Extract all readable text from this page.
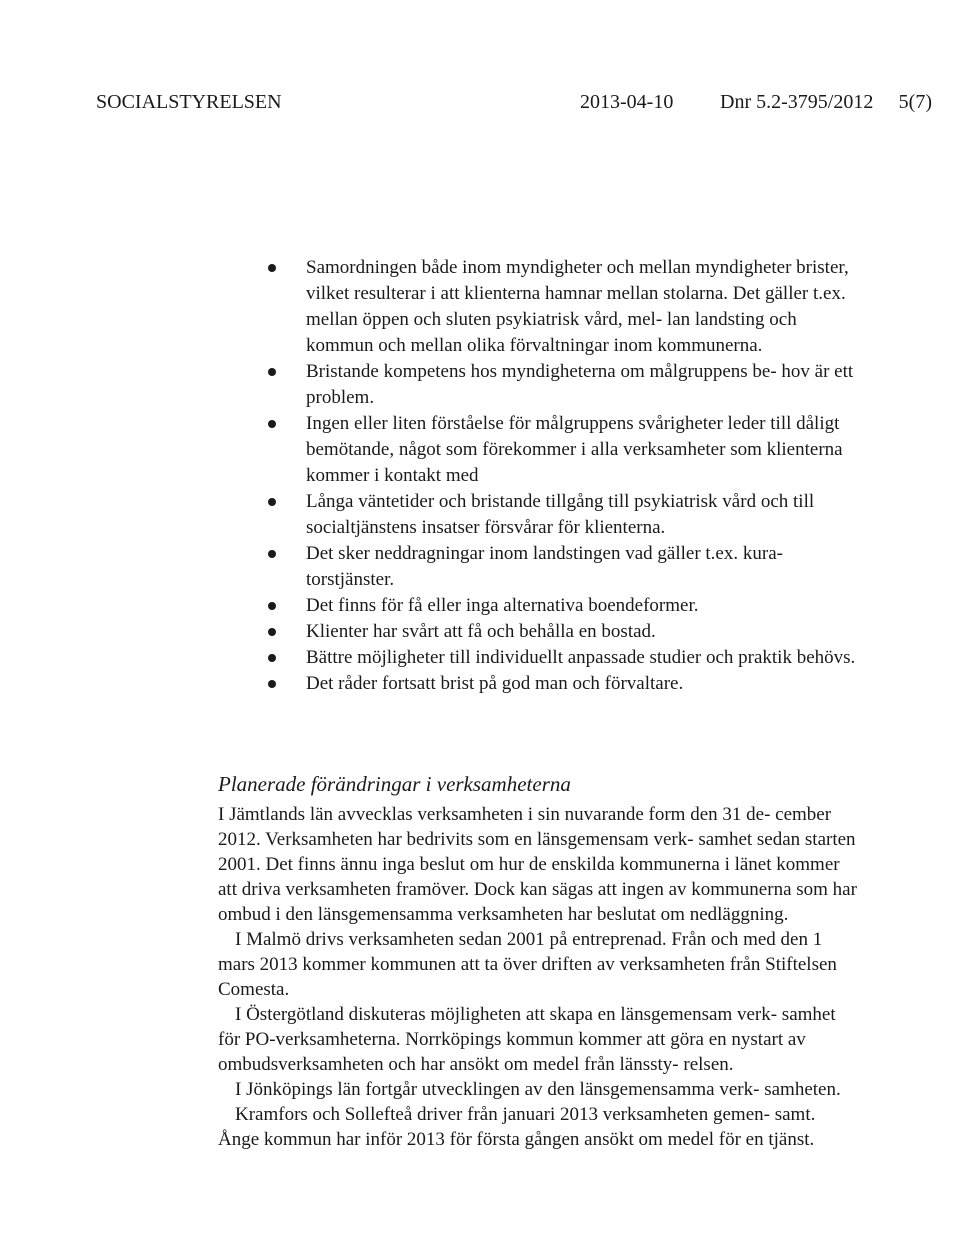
SOCIALSTYRELSEN	2013-04-10 Dnr 5.2-3795/2012 5(7)
Samordningen både inom myndigheter och mellan myndigheter brister, vilket resulterar i att klienterna hamnar mellan stolarna. Det gäller t.ex. mellan öppen och sluten psykiatrisk vård, mel- lan landsting och kommun och mellan olika förvaltningar inom kommunerna.
Bristande kompetens hos myndigheterna om målgruppens be- hov är ett problem.
Ingen eller liten förståelse för målgruppens svårigheter leder till dåligt bemötande, något som förekommer i alla verksamheter som klienterna kommer i kontakt med
Långa väntetider och bristande tillgång till psykiatrisk vård och till socialtjänstens insatser försvårar för klienterna.
Det sker neddragningar inom landstingen vad gäller t.ex. kura- torstjänster.
Det finns för få eller inga alternativa boendeformer.
Klienter har svårt att få och behålla en bostad.
Bättre möjligheter till individuellt anpassade studier och praktik behövs.
Det råder fortsatt brist på god man och förvaltare.
Planerade förändringar i verksamheterna

I Jämtlands län avvecklas verksamheten i sin nuvarande form den 31 de- cember 2012. Verksamheten har bedrivits som en länsgemensam verk- samhet sedan starten 2001. Det finns ännu inga beslut om hur de enskilda kommunerna i länet kommer att driva verksamheten framöver. Dock kan sägas att ingen av kommunerna som har ombud i den länsgemensamma verksamheten har beslutat om nedläggning.

I Malmö drivs verksamheten sedan 2001 på entreprenad. Från och med den 1 mars 2013 kommer kommunen att ta över driften av verksamheten från Stiftelsen Comesta.

I Östergötland diskuteras möjligheten att skapa en länsgemensam verk- samhet för PO-verksamheterna. Norrköpings kommun kommer att göra en nystart av ombudsverksamheten och har ansökt om medel från länssty- relsen.

I Jönköpings län fortgår utvecklingen av den länsgemensamma verk- samheten.

Kramfors och Sollefteå driver från januari 2013 verksamheten gemen- samt. Ånge kommun har inför 2013 för första gången ansökt om medel för en tjänst.
